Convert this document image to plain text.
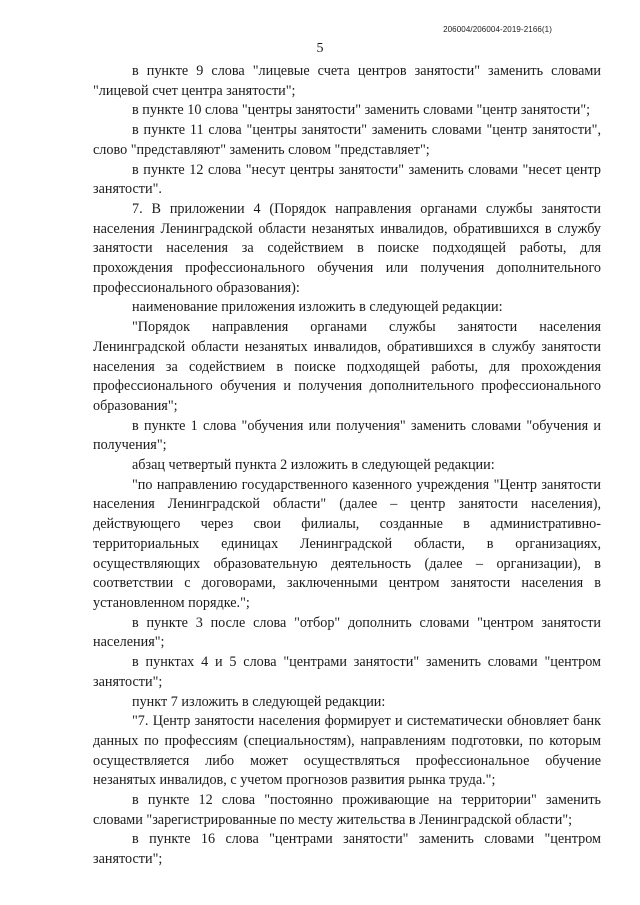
206004/206004-2019-2166(1)
5

в пункте 9 слова "лицевые счета центров занятости" заменить словами "лицевой счет центра занятости";

в пункте 10 слова "центры занятости" заменить словами "центр занятости";

в пункте 11 слова "центры занятости" заменить словами "центр занятости", слово "представляют" заменить словом "представляет";

в пункте 12 слова "несут центры занятости" заменить словами "несет центр занятости".

7. В приложении 4 (Порядок направления органами службы занятости населения Ленинградской области незанятых инвалидов, обратившихся в службу занятости населения за содействием в поиске подходящей работы, для прохождения профессионального обучения или получения дополнительного профессионального образования):

наименование приложения изложить в следующей редакции:

"Порядок направления органами службы занятости населения Ленинградской области незанятых инвалидов, обратившихся в службу занятости населения за содействием в поиске подходящей работы, для прохождения профессионального обучения и получения дополнительного профессионального образования";

в пункте 1 слова "обучения или получения" заменить словами "обучения и получения";

абзац четвертый пункта 2 изложить в следующей редакции:

"по направлению государственного казенного учреждения "Центр занятости населения Ленинградской области" (далее – центр занятости населения), действующего через свои филиалы, созданные в административно-территориальных единицах Ленинградской области, в организациях, осуществляющих образовательную деятельность (далее – организации), в соответствии с договорами, заключенными центром занятости населения в установленном порядке.";

в пункте 3 после слова "отбор" дополнить словами "центром занятости населения";

в пунктах 4 и 5 слова "центрами занятости" заменить словами "центром занятости";

пункт 7 изложить в следующей редакции:

"7. Центр занятости населения формирует и систематически обновляет банк данных по профессиям (специальностям), направлениям подготовки, по которым осуществляется либо может осуществляться профессиональное обучение незанятых инвалидов, с учетом прогнозов развития рынка труда.";

в пункте 12 слова "постоянно проживающие на территории" заменить словами "зарегистрированные по месту жительства в Ленинградской области";

в пункте 16 слова "центрами занятости" заменить словами "центром занятости";
